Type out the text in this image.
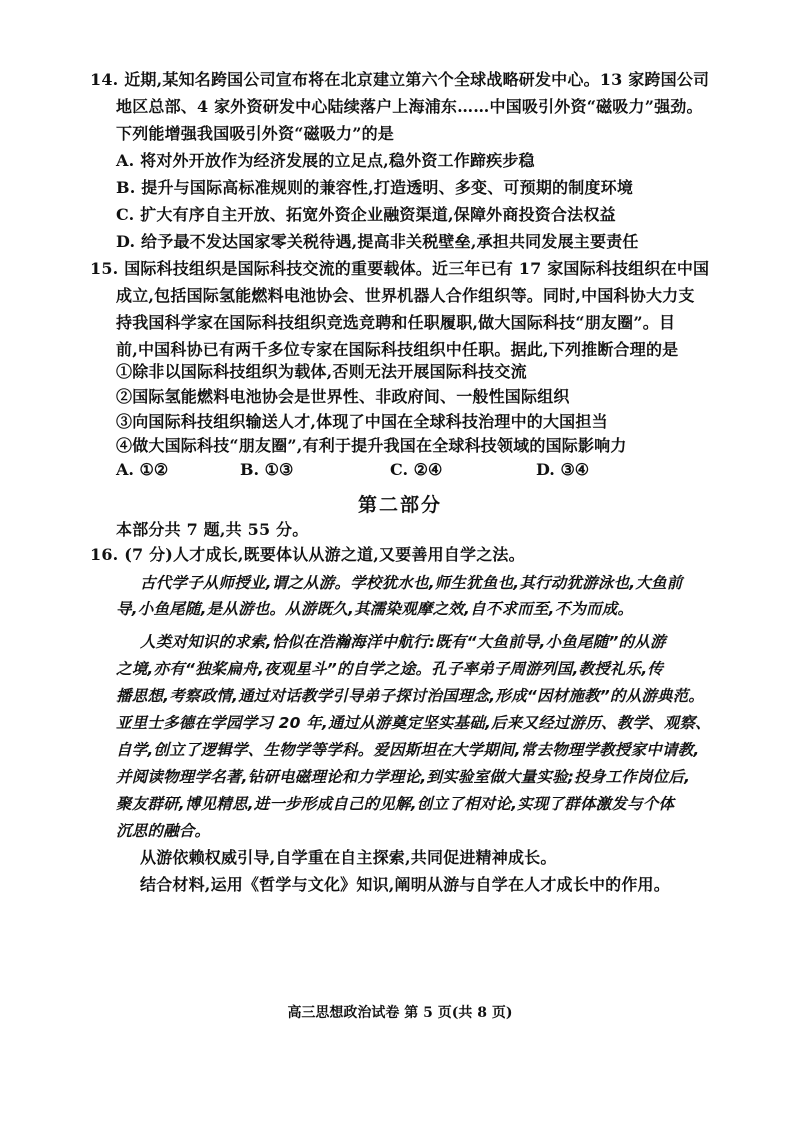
14. 近期,某知名跨国公司宣布将在北京建立第六个全球战略研发中心。13 家跨国公司
地区总部、4 家外资研发中心陆续落户上海浦东……中国吸引外资“磁吸力”强劲。
下列能增强我国吸引外资“磁吸力”的是
A. 将对外开放作为经济发展的立足点,稳外资工作蹄疾步稳
B. 提升与国际高标准规则的兼容性,打造透明、多变、可预期的制度环境
C. 扩大有序自主开放、拓宽外资企业融资渠道,保障外商投资合法权益
D. 给予最不发达国家零关税待遇,提高非关税壁垒,承担共同发展主要责任
15. 国际科技组织是国际科技交流的重要载体。近三年已有 17 家国际科技组织在中国
成立,包括国际氢能燃料电池协会、世界机器人合作组织等。同时,中国科协大力支
持我国科学家在国际科技组织竞选竞聘和任职履职,做大国际科技“朋友圈”。目
前,中国科协已有两千多位专家在国际科技组织中任职。据此,下列推断合理的是
①除非以国际科技组织为载体,否则无法开展国际科技交流
②国际氢能燃料电池协会是世界性、非政府间、一般性国际组织
③向国际科技组织输送人才,体现了中国在全球科技治理中的大国担当
④做大国际科技“朋友圈”,有利于提升我国在全球科技领域的国际影响力
A. ①②	B. ①③	C. ②④	D. ③④
第二部分
本部分共 7 题,共 55 分。
16. (7 分)人才成长,既要体认从游之道,又要善用自学之法。
古代学子从师授业,谓之从游。学校犹水也,师生犹鱼也,其行动犹游泳也,大鱼前
导,小鱼尾随,是从游也。从游既久,其濡染观摩之效,自不求而至,不为而成。
人类对知识的求索,恰似在浩瀚海洋中航行:既有“大鱼前导,小鱼尾随”的从游
之境,亦有“独桨扁舟,夜观星斗”的自学之途。孔子率弟子周游列国,教授礼乐,传
播思想,考察政情,通过对话教学引导弟子探讨治国理念,形成“因材施教”的从游典范。
亚里士多德在学园学习 20 年,通过从游奠定坚实基础,后来又经过游历、教学、观察、
自学,创立了逻辑学、生物学等学科。爱因斯坦在大学期间,常去物理学教授家中请教,
并阅读物理学名著,钻研电磁理论和力学理论,到实验室做大量实验;投身工作岗位后,
聚友群研,博见精思,进一步形成自己的见解,创立了相对论,实现了群体激发与个体
沉思的融合。
从游依赖权威引导,自学重在自主探索,共同促进精神成长。
结合材料,运用《哲学与文化》知识,阐明从游与自学在人才成长中的作用。
高三思想政治试卷 第 5 页(共 8 页)
